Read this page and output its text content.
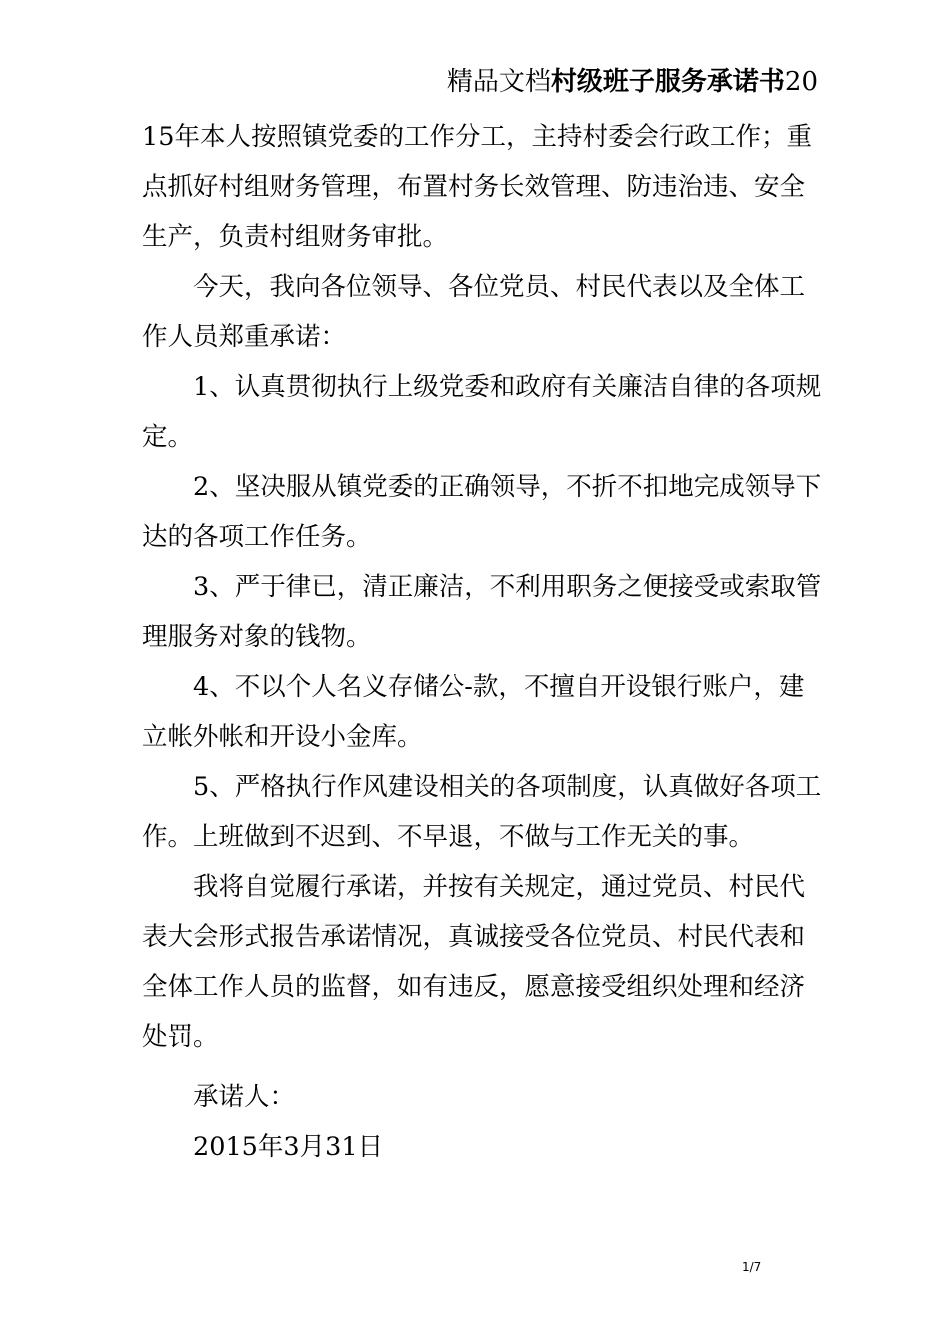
精品文档村级班子服务承诺书20

15年本人按照镇党委的工作分工，主持村委会行政工作；重点抓好村组财务管理，布置村务长效管理、防违治违、安全生产，负责村组财务审批。

今天，我向各位领导、各位党员、村民代表以及全体工作人员郑重承诺：

1、认真贯彻执行上级党委和政府有关廉洁自律的各项规定。

2、坚决服从镇党委的正确领导，不折不扣地完成领导下达的各项工作任务。

3、严于律已，清正廉洁，不利用职务之便接受或索取管理服务对象的钱物。

4、不以个人名义存储公-款，不擅自开设银行账户，建立帐外帐和开设小金库。

5、严格执行作风建设相关的各项制度，认真做好各项工作。上班做到不迟到、不早退，不做与工作无关的事。

我将自觉履行承诺，并按有关规定，通过党员、村民代表大会形式报告承诺情况，真诚接受各位党员、村民代表和全体工作人员的监督，如有违反，愿意接受组织处理和经济处罚。

承诺人：

2015年3月31日

1/7
